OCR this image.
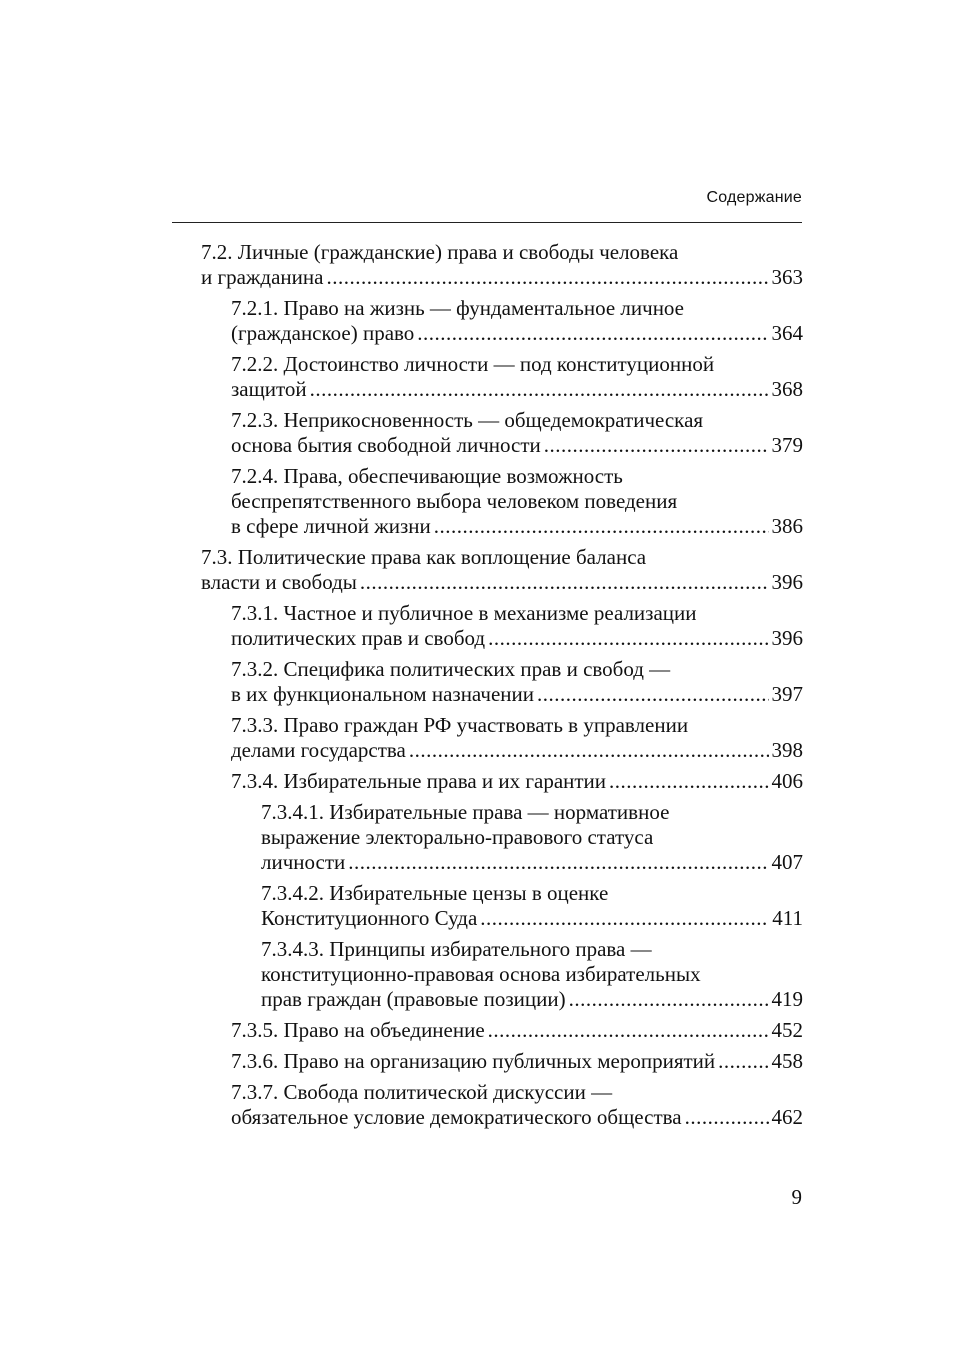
Содержание
7.2. Личные (гражданские) права и свободы человека
и гражданина .....	363
7.2.1. Право на жизнь — фундаментальное личное
(гражданское) право .....	364
7.2.2. Достоинство личности — под конституционной
защитой .....	368
7.2.3. Неприкосновенность — общедемократическая
основа бытия свободной личности .....	379
7.2.4. Права, обеспечивающие возможность
беспрепятственного выбора человеком поведения
в сфере личной жизни .....	386
7.3. Политические права как воплощение баланса
власти и свободы .....	396
7.3.1. Частное и публичное в механизме реализации
политических прав и свобод .....	396
7.3.2. Специфика политических прав и свобод —
в их функциональном назначении .....	397
7.3.3. Право граждан РФ участвовать в управлении
делами государства .....	398
7.3.4. Избирательные права и их гарантии .....	406
7.3.4.1. Избирательные права — нормативное
выражение электорально-правового статуса
личности .....	407
7.3.4.2. Избирательные цензы в оценке
Конституционного Суда .....	411
7.3.4.3. Принципы избирательного права —
конституционно-правовая основа избирательных
прав граждан (правовые позиции) .....	419
7.3.5. Право на объединение .....	452
7.3.6. Право на организацию публичных мероприятий .....	458
7.3.7. Свобода политической дискуссии —
обязательное условие демократического общества .....	462
9
